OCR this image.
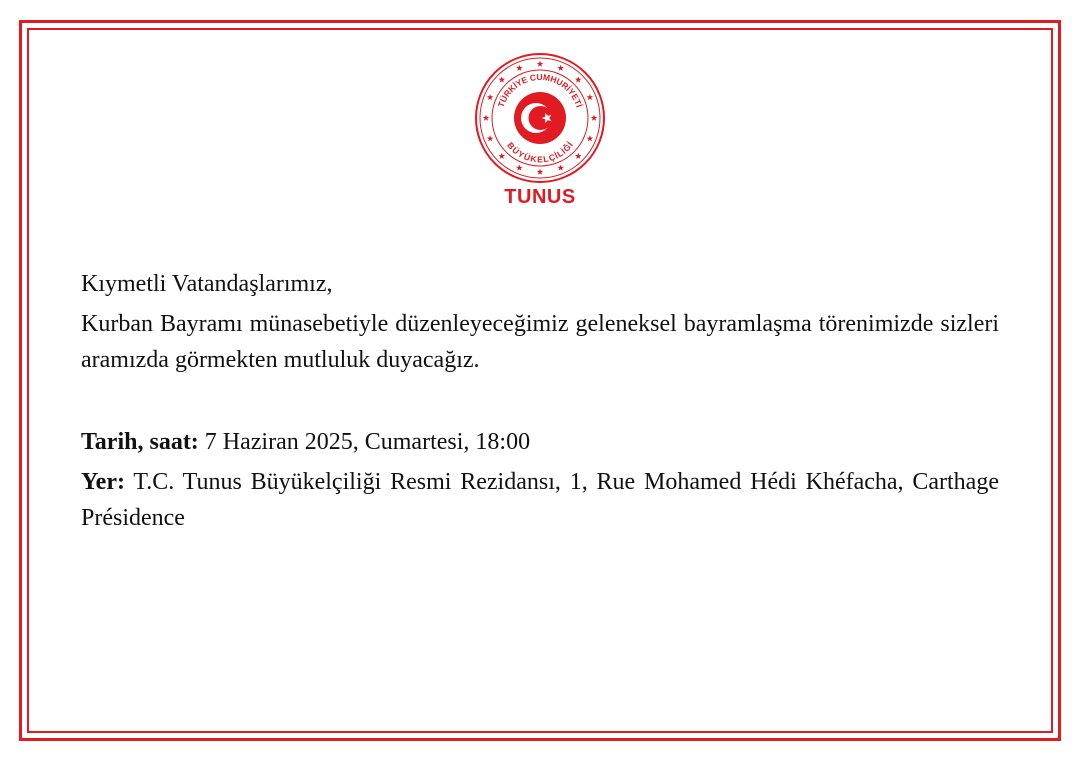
TÜRKİYE CUMHURİYETİ
BÜYÜKELÇİLİĞİ
TUNUS

Kıymetli Vatandaşlarımız,

Kurban Bayramı münasebetiyle düzenleyeceğimiz geleneksel bayramlaşma törenimizde sizleri aramızda görmekten mutluluk duyacağız.

Tarih, saat: 7 Haziran 2025, Cumartesi, 18:00

Yer: T.C. Tunus Büyükelçiliği Resmi Rezidansı, 1, Rue Mohamed Hédi Khéfacha, Carthage Présidence
